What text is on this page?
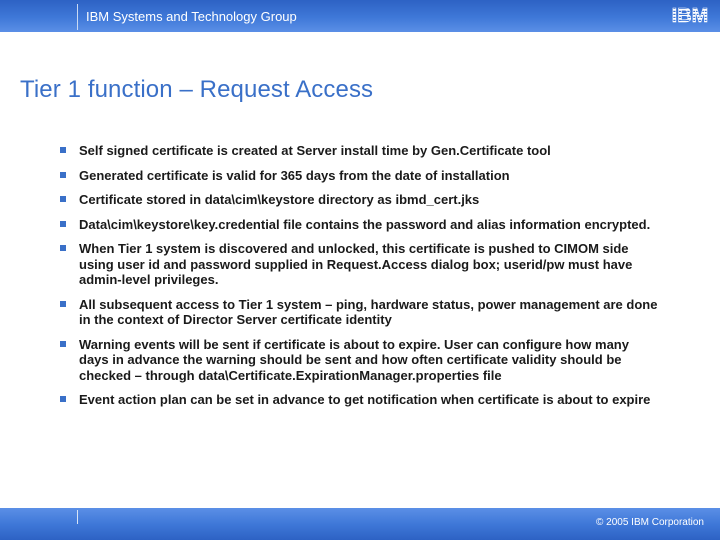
IBM Systems and Technology Group	IBM
Tier 1 function – Request Access
Self signed certificate is created at Server install time by Gen.Certificate tool
Generated certificate is valid for 365 days from the date of installation
Certificate stored in data\cim\keystore directory as ibmd_cert.jks
Data\cim\keystore\key.credential file contains the password and alias information encrypted.
When Tier 1 system is discovered and unlocked, this certificate is pushed to CIMOM side using user id and password supplied in Request.Access dialog box; userid/pw must have admin-level privileges.
All subsequent access to Tier 1 system – ping, hardware status, power management are done in the context of Director Server certificate identity
Warning events will be sent if certificate is about to expire. User can configure how many days in advance the warning should be sent and how often certificate validity should be checked – through data\Certificate.ExpirationManager.properties file
Event action plan can be set in advance to get notification when certificate is about to expire
© 2005 IBM Corporation
